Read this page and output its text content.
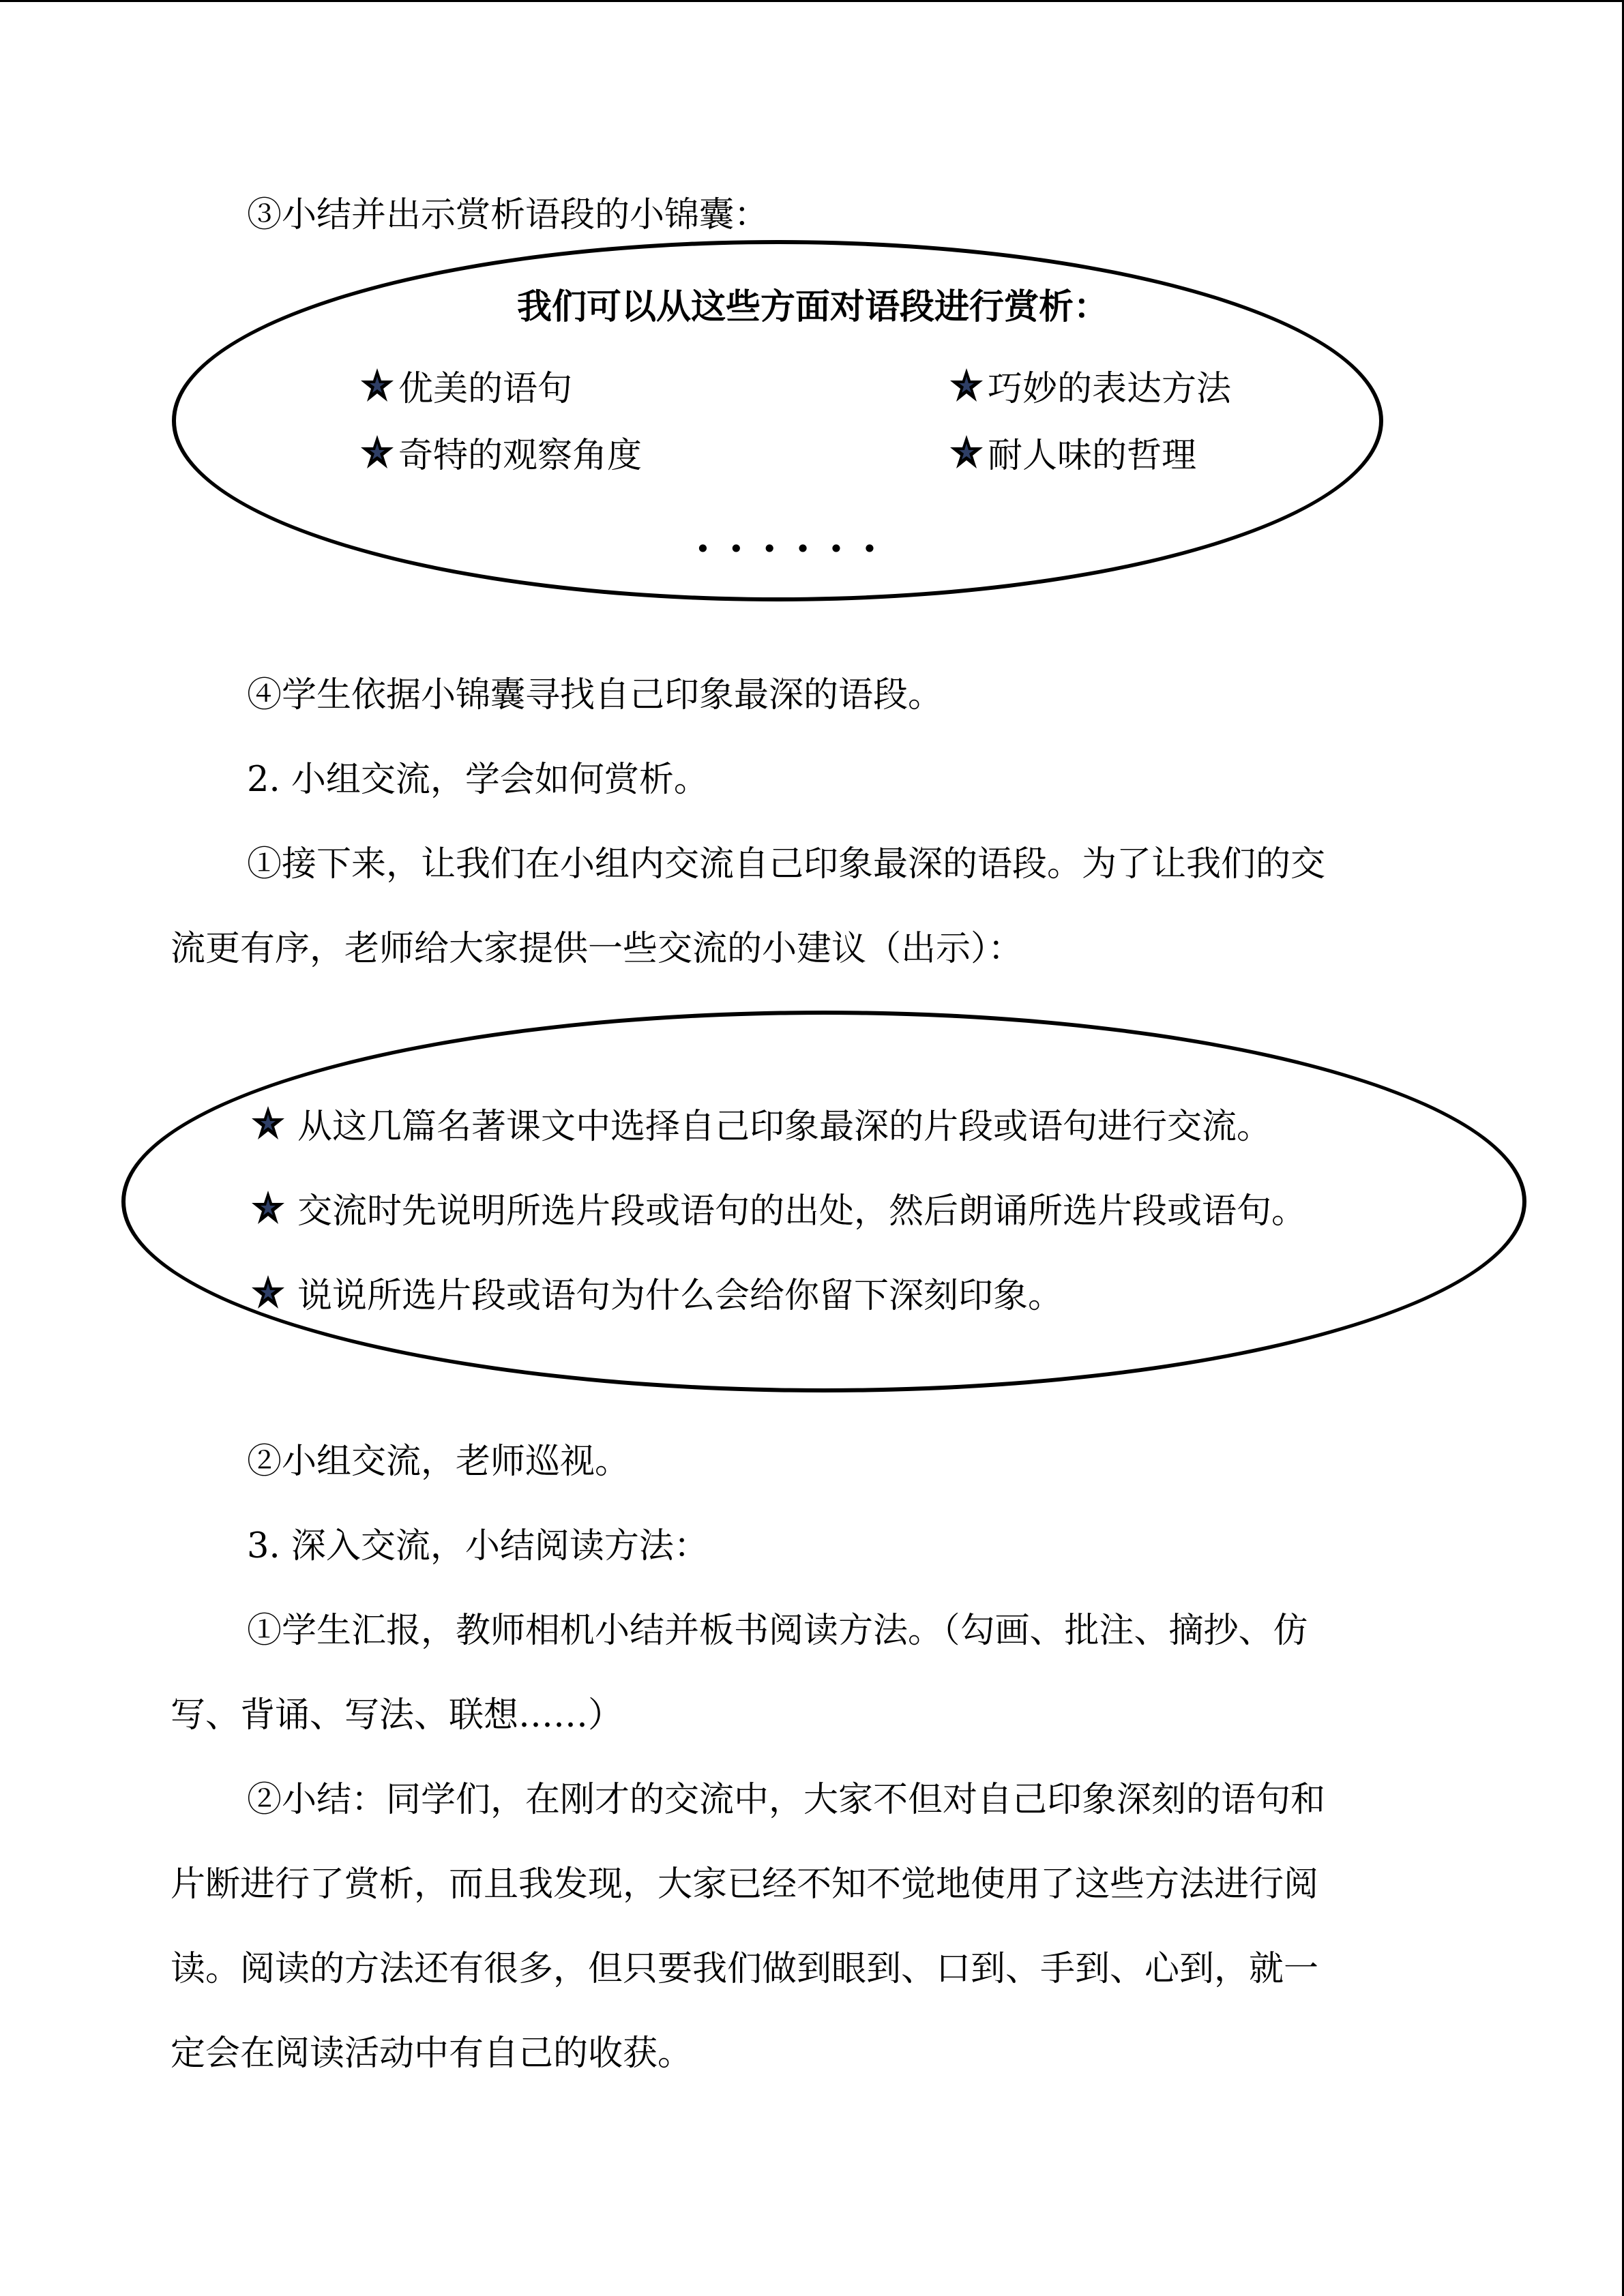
③小结并出示赏析语段的小锦囊：
我们可以从这些方面对语段进行赏析：
优美的语句	巧妙的表达方法
奇特的观察角度	耐人味的哲理
······
④学生依据小锦囊寻找自己印象最深的语段。
2. 小组交流，学会如何赏析。
①接下来，让我们在小组内交流自己印象最深的语段。为了让我们的交
流更有序，老师给大家提供一些交流的小建议（出示）：
从这几篇名著课文中选择自己印象最深的片段或语句进行交流。
交流时先说明所选片段或语句的出处，然后朗诵所选片段或语句。
说说所选片段或语句为什么会给你留下深刻印象。
②小组交流，老师巡视。
3. 深入交流，小结阅读方法：
①学生汇报，教师相机小结并板书阅读方法。（勾画、批注、摘抄、仿
写、背诵、写法、联想……）
②小结：同学们，在刚才的交流中，大家不但对自己印象深刻的语句和
片断进行了赏析，而且我发现，大家已经不知不觉地使用了这些方法进行阅
读。阅读的方法还有很多，但只要我们做到眼到、口到、手到、心到，就一
定会在阅读活动中有自己的收获。
